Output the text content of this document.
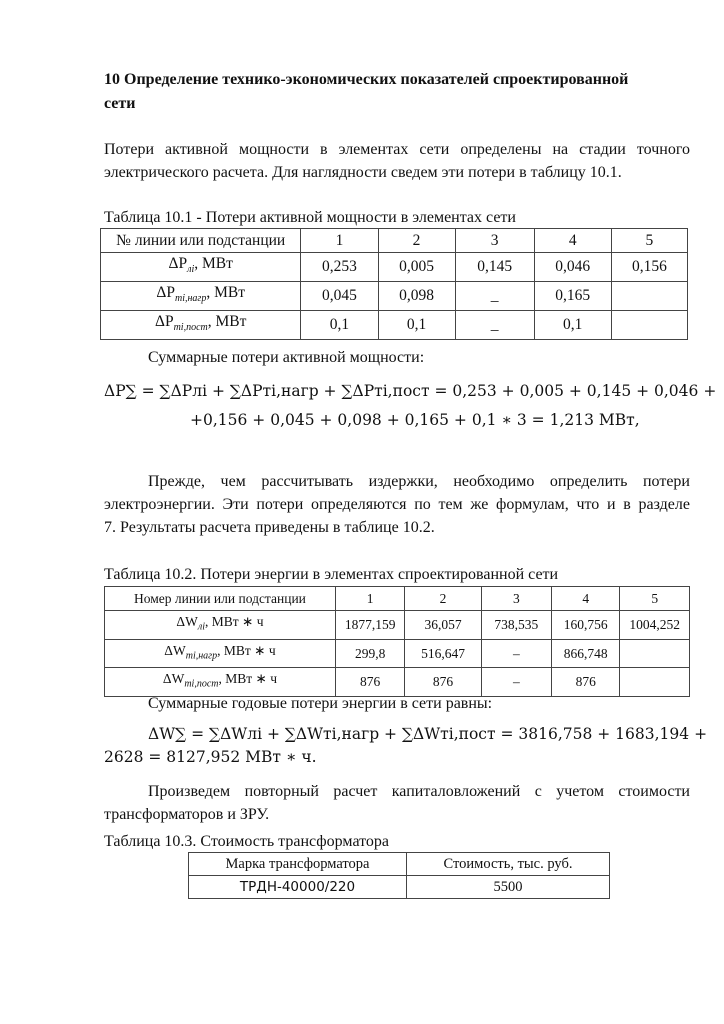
10 Определение технико-экономических показателей спроектированной
сети
Потери активной мощности в элементах сети определены на стадии точного
электрического расчета. Для наглядности сведем эти потери в таблицу 10.1.
Таблица 10.1 - Потери активной мощности в элементах сети
№ линии или подстанции	1	2	3	4	5
$\Delta P_{лi}$, МВт	0,253	0,005	0,145	0,046	0,156
$\Delta P_{тi,нагр}$, МВт	0,045	0,098	_	0,165	
$\Delta P_{тi,пост}$, МВт	0,1	0,1	_	0,1	
Суммарные потери активной мощности:
ΔP∑ = ∑ΔPлi + ∑ΔPтi,нагр + ∑ΔPтi,пост = 0,253 + 0,005 + 0,145 + 0,046 +
+0,156 + 0,045 + 0,098 + 0,165 + 0,1 ∗ 3 = 1,213 МВт,
Прежде, чем рассчитывать издержки, необходимо определить потери
электроэнергии. Эти потери определяются по тем же формулам, что и в разделе
7. Результаты расчета приведены в таблице 10.2.
Таблица 10.2. Потери энергии в элементах спроектированной сети
Номер линии или подстанции	1	2	3	4	5
$\Delta W_{лi}$, МВт ∗ ч	1877,159	36,057	738,535	160,756	1004,252
$\Delta W_{тi,нагр}$, МВт ∗ ч	299,8	516,647	–	866,748	
$\Delta W_{тi,пост}$, МВт ∗ ч	876	876	–	876	
Суммарные годовые потери энергии в сети равны:
ΔW∑ = ∑ΔWлi + ∑ΔWтi,нагр + ∑ΔWтi,пост = 3816,758 + 1683,194 +
2628 = 8127,952 МВт ∗ ч.
Произведем повторный расчет капиталовложений с учетом стоимости
трансформаторов и ЗРУ.
Таблица 10.3. Стоимость трансформатора
Марка трансформатора	Стоимость, тыс. руб.
ТРДН-40000/220	5500
